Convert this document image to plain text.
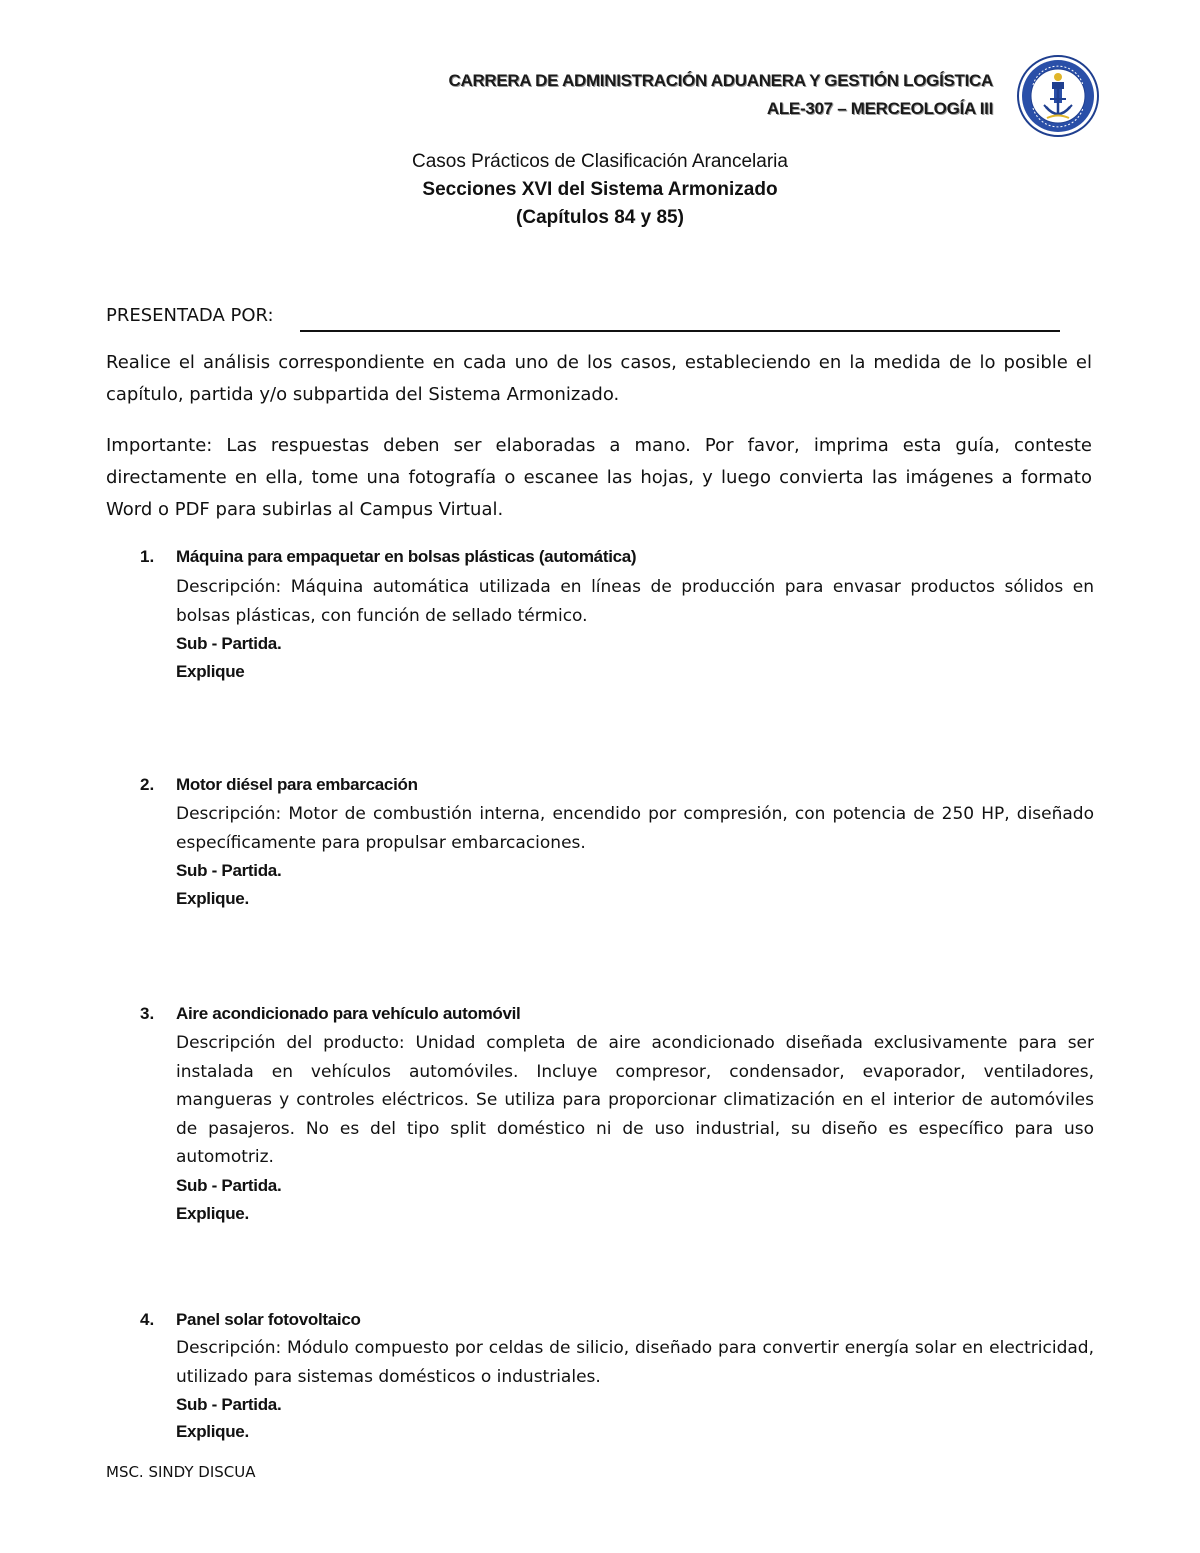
CARRERA DE ADMINISTRACIÓN ADUANERA Y GESTIÓN LOGÍSTICA
ALE-307 – MERCEOLOGÍA III
Casos Prácticos de Clasificación Arancelaria
Secciones XVI del Sistema Armonizado
(Capítulos 84 y 85)
PRESENTADA POR:

Realice el análisis correspondiente en cada uno de los casos, estableciendo en la medida de lo posible el capítulo, partida y/o subpartida del Sistema Armonizado.

Importante: Las respuestas deben ser elaboradas a mano. Por favor, imprima esta guía, conteste directamente en ella, tome una fotografía o escanee las hojas, y luego convierta las imágenes a formato Word o PDF para subirlas al Campus Virtual.

1. Máquina para empaquetar en bolsas plásticas (automática)

Descripción: Máquina automática utilizada en líneas de producción para envasar productos sólidos en bolsas plásticas, con función de sellado térmico.

Sub - Partida.
Explique
2. Motor diésel para embarcación

Descripción: Motor de combustión interna, encendido por compresión, con potencia de 250 HP, diseñado específicamente para propulsar embarcaciones.

Sub - Partida.
Explique.
3. Aire acondicionado para vehículo automóvil

Descripción del producto: Unidad completa de aire acondicionado diseñada exclusivamente para ser instalada en vehículos automóviles. Incluye compresor, condensador, evaporador, ventiladores, mangueras y controles eléctricos. Se utiliza para proporcionar climatización en el interior de automóviles de pasajeros. No es del tipo split doméstico ni de uso industrial, su diseño es específico para uso automotriz.

Sub - Partida.
Explique.
4. Panel solar fotovoltaico

Descripción: Módulo compuesto por celdas de silicio, diseñado para convertir energía solar en electricidad, utilizado para sistemas domésticos o industriales.

Sub - Partida.
Explique.
MSC. SINDY DISCUA
